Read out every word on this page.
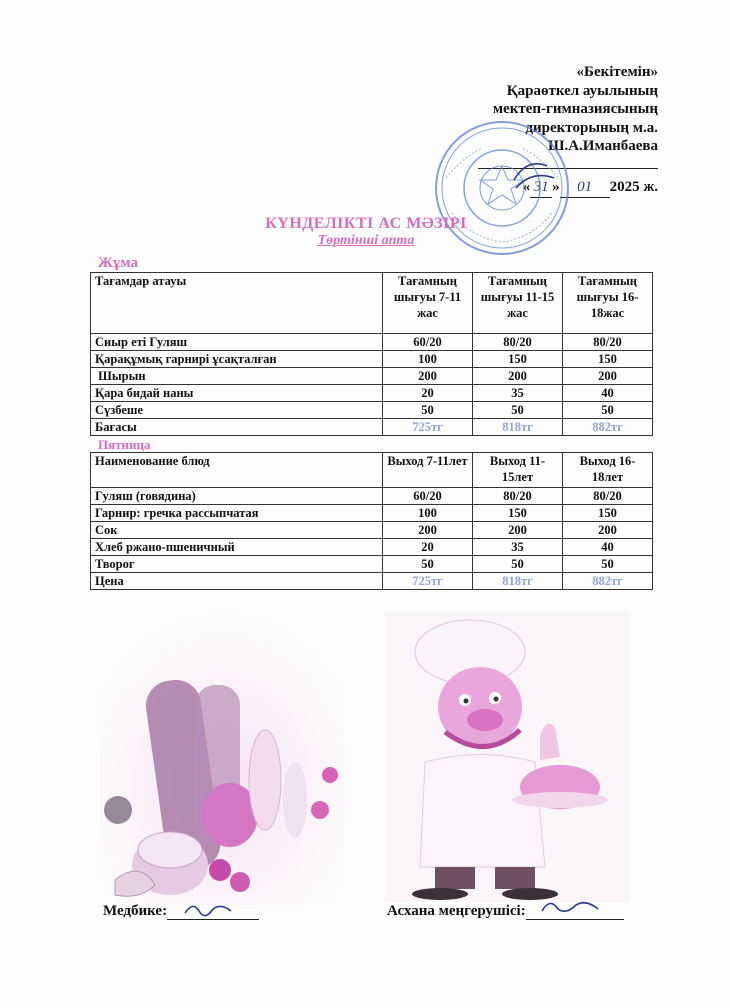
«Бекітемін»
Қараөткел ауылының
мектеп-гимназиясының
директорының м.а.
Ш.А.Иманбаева
« 31 » 01 2025 ж.
КҮНДЕЛІКТІ АС МӘЗІРІ
Төртінші апта
Жұма
Тағамдар атауы	Тағамның шығуы 7-11 жас	Тағамның шығуы 11-15 жас	Тағамның шығуы 16-18жас
Сиыр еті Гуляш	60/20	80/20	80/20
Қарақұмық гарнирі ұсақталған	100	150	150
Шырын	200	200	200
Қара бидай наны	20	35	40
Сүзбеше	50	50	50
Бағасы	725тг	818тг	882тг
Пятница
Наименование блюд	Выход 7-11лет	Выход 11-15лет	Выход 16-18лет
Гуляш (говядина)	60/20	80/20	80/20
Гарнир: гречка рассыпчатая	100	150	150
Сок	200	200	200
Хлеб ржано-пшеничный	20	35	40
Творог	50	50	50
Цена	725тг	818тг	882тг
Медбике:	Асхана меңгерушісі:
